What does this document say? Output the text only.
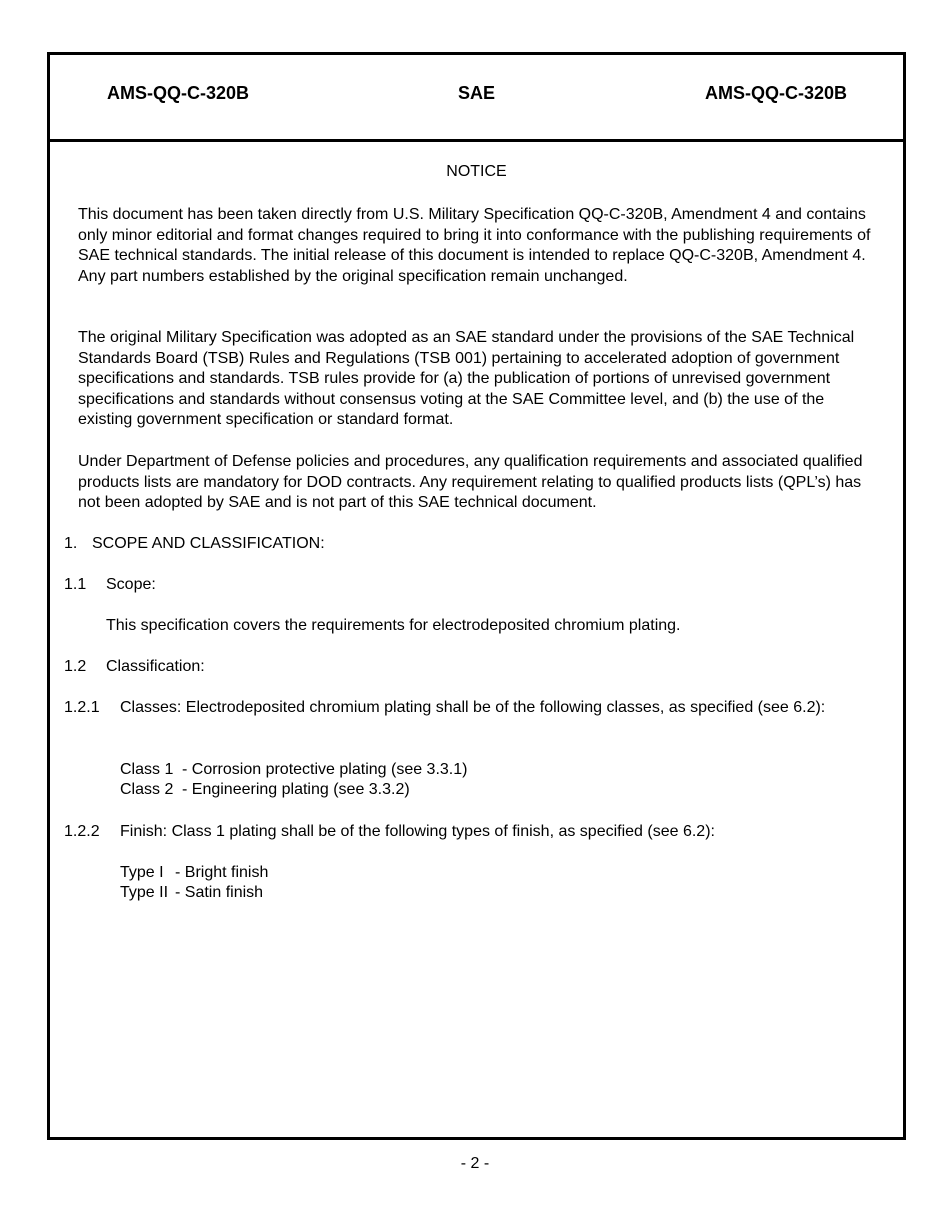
AMS-QQ-C-320B	SAE	AMS-QQ-C-320B
NOTICE

This document has been taken directly from U.S. Military Specification QQ-C-320B, Amendment 4 and contains only minor editorial and format changes required to bring it into conformance with the publishing requirements of SAE technical standards. The initial release of this document is intended to replace QQ-C-320B, Amendment 4. Any part numbers established by the original specification remain unchanged.

The original Military Specification was adopted as an SAE standard under the provisions of the SAE Technical Standards Board (TSB) Rules and Regulations (TSB 001) pertaining to accelerated adoption of government specifications and standards. TSB rules provide for (a) the publication of portions of unrevised government specifications and standards without consensus voting at the SAE Committee level, and (b) the use of the existing government specification or standard format.

Under Department of Defense policies and procedures, any qualification requirements and associated qualified products lists are mandatory for DOD contracts. Any requirement relating to qualified products lists (QPL’s) has not been adopted by SAE and is not part of this SAE technical document.

1. SCOPE AND CLASSIFICATION:
1.1 Scope:
This specification covers the requirements for electrodeposited chromium plating.
1.2 Classification:
1.2.1 Classes: Electrodeposited chromium plating shall be of the following classes, as specified (see 6.2):

Class 1 - Corrosion protective plating (see 3.3.1)
Class 2 - Engineering plating (see 3.3.2)
1.2.2 Finish: Class 1 plating shall be of the following types of finish, as specified (see 6.2):
Type I - Bright finish
Type II - Satin finish
- 2 -
